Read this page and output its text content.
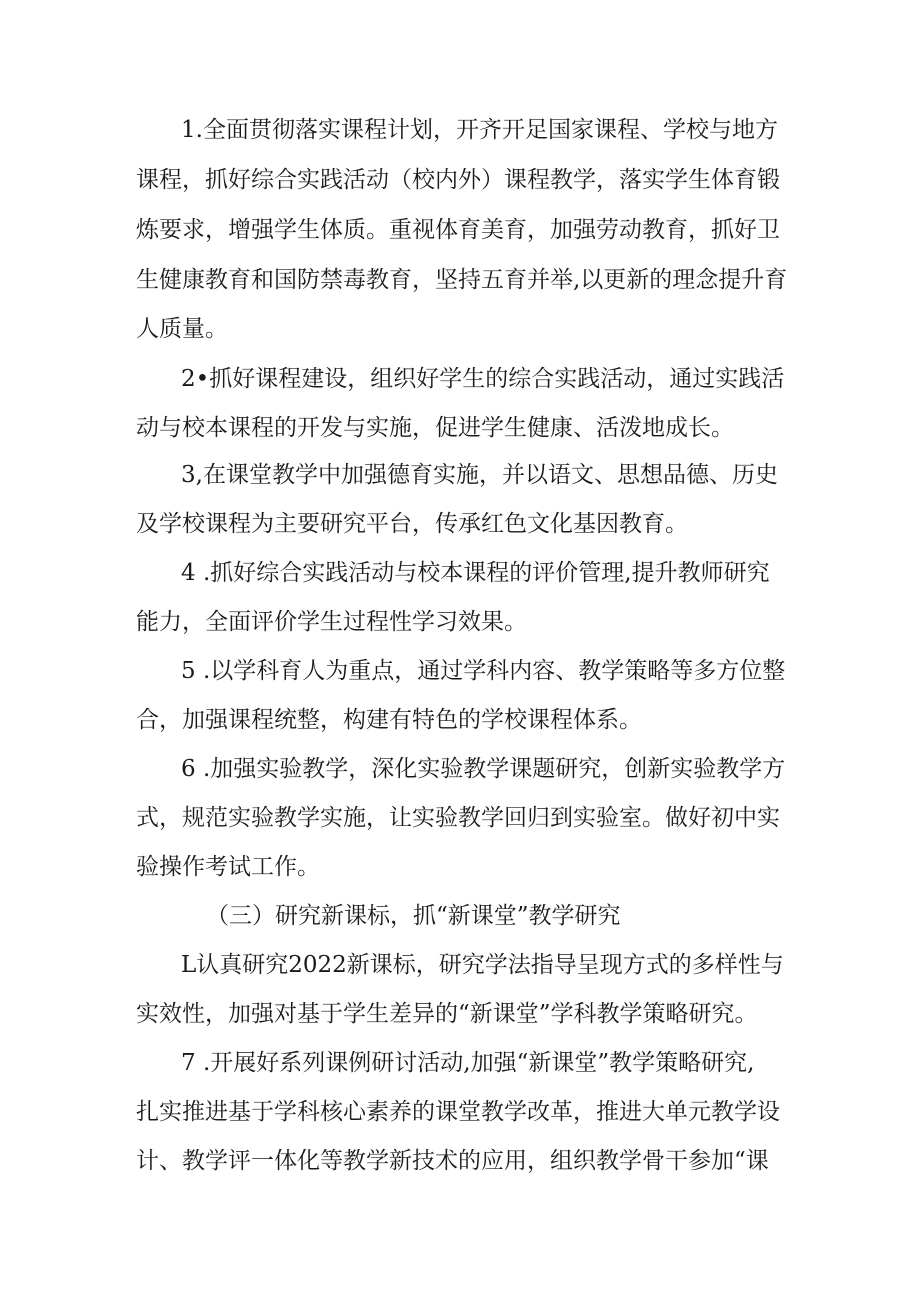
1.全面贯彻落实课程计划，开齐开足国家课程、学校与地方
课程，抓好综合实践活动（校内外）课程教学，落实学生体育锻
炼要求，增强学生体质。重视体育美育，加强劳动教育，抓好卫
生健康教育和国防禁毒教育，坚持五育并举,以更新的理念提升育
人质量。
2•抓好课程建设，组织好学生的综合实践活动，通过实践活
动与校本课程的开发与实施，促进学生健康、活泼地成长。
3,在课堂教学中加强德育实施，并以语文、思想品德、历史
及学校课程为主要研究平台，传承红色文化基因教育。
4 .抓好综合实践活动与校本课程的评价管理,提升教师研究
能力，全面评价学生过程性学习效果。
5 .以学科育人为重点，通过学科内容、教学策略等多方位整
合，加强课程统整，构建有特色的学校课程体系。
6 .加强实验教学，深化实验教学课题研究，创新实验教学方
式，规范实验教学实施，让实验教学回归到实验室。做好初中实
验操作考试工作。
（三）研究新课标，抓“新课堂”教学研究
L认真研究2022新课标，研究学法指导呈现方式的多样性与
实效性，加强对基于学生差异的“新课堂”学科教学策略研究。
7 .开展好系列课例研讨活动,加强“新课堂”教学策略研究,
扎实推进基于学科核心素养的课堂教学改革，推进大单元教学设
计、教学评一体化等教学新技术的应用，组织教学骨干参加“课
